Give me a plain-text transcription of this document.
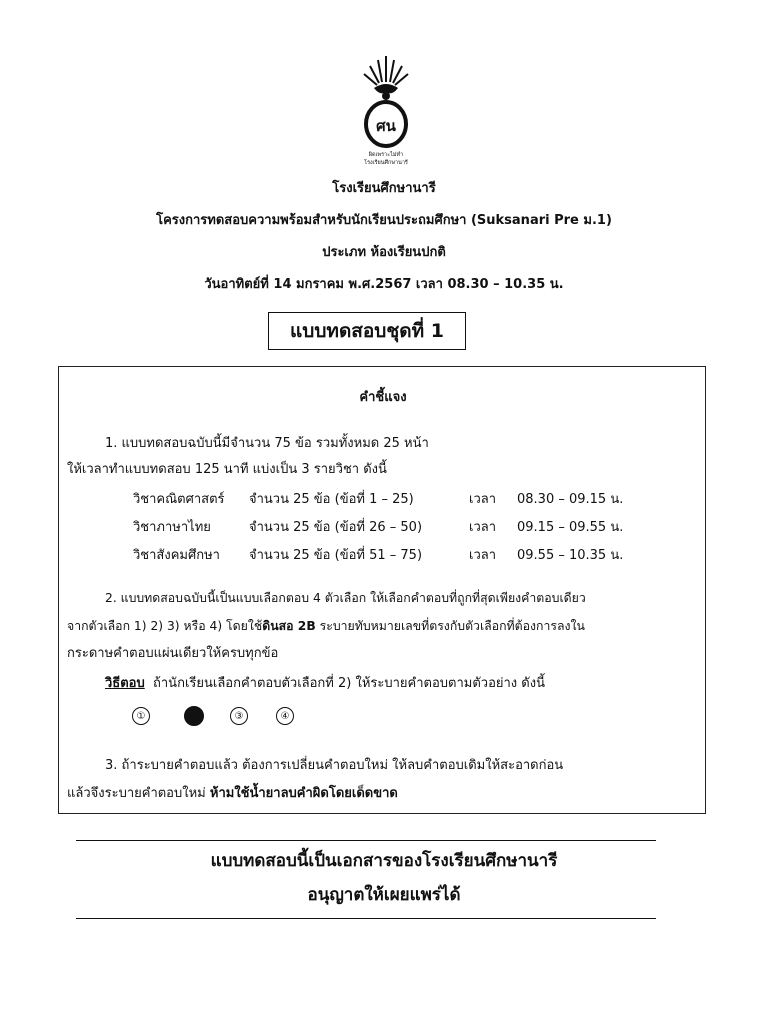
ศน
ผิดเพราะไม่ทำ
โรงเรียนศึกษานารี
โรงเรียนศึกษานารี
โครงการทดสอบความพร้อมสำหรับนักเรียนประถมศึกษา (Suksanari Pre ม.1)
ประเภท ห้องเรียนปกติ
วันอาทิตย์ที่ 14 มกราคม พ.ศ.2567 เวลา 08.30 – 10.35 น.
แบบทดสอบชุดที่ 1
คำชี้แจง
1. แบบทดสอบฉบับนี้มีจำนวน 75 ข้อ รวมทั้งหมด 25 หน้า
ให้เวลาทำแบบทดสอบ 125 นาที แบ่งเป็น 3 รายวิชา ดังนี้
วิชาคณิตศาสตร์ จำนวน 25 ข้อ (ข้อที่ 1 – 25)	เวลา 08.30 – 09.15 น.
วิชาภาษาไทย	จำนวน 25 ข้อ (ข้อที่ 26 – 50)	เวลา 09.15 – 09.55 น.
วิชาสังคมศึกษา จำนวน 25 ข้อ (ข้อที่ 51 – 75)	เวลา 09.55 – 10.35 น.
2. แบบทดสอบฉบับนี้เป็นแบบเลือกตอบ 4 ตัวเลือก ให้เลือกคำตอบที่ถูกที่สุดเพียงคำตอบเดียว
จากตัวเลือก 1) 2) 3) หรือ 4) โดยใช้ดินสอ 2B ระบายทับหมายเลขที่ตรงกับตัวเลือกที่ต้องการลงใน
กระดาษคำตอบแผ่นเดียวให้ครบทุกข้อ
วิธีตอบ ถ้านักเรียนเลือกคำตอบตัวเลือกที่ 2) ให้ระบายคำตอบตามตัวอย่าง ดังนี้
①	③	④
3. ถ้าระบายคำตอบแล้ว ต้องการเปลี่ยนคำตอบใหม่ ให้ลบคำตอบเดิมให้สะอาดก่อน
แล้วจึงระบายคำตอบใหม่ ห้ามใช้น้ำยาลบคำผิดโดยเด็ดขาด
แบบทดสอบนี้เป็นเอกสารของโรงเรียนศึกษานารี
อนุญาตให้เผยแพร่ได้
